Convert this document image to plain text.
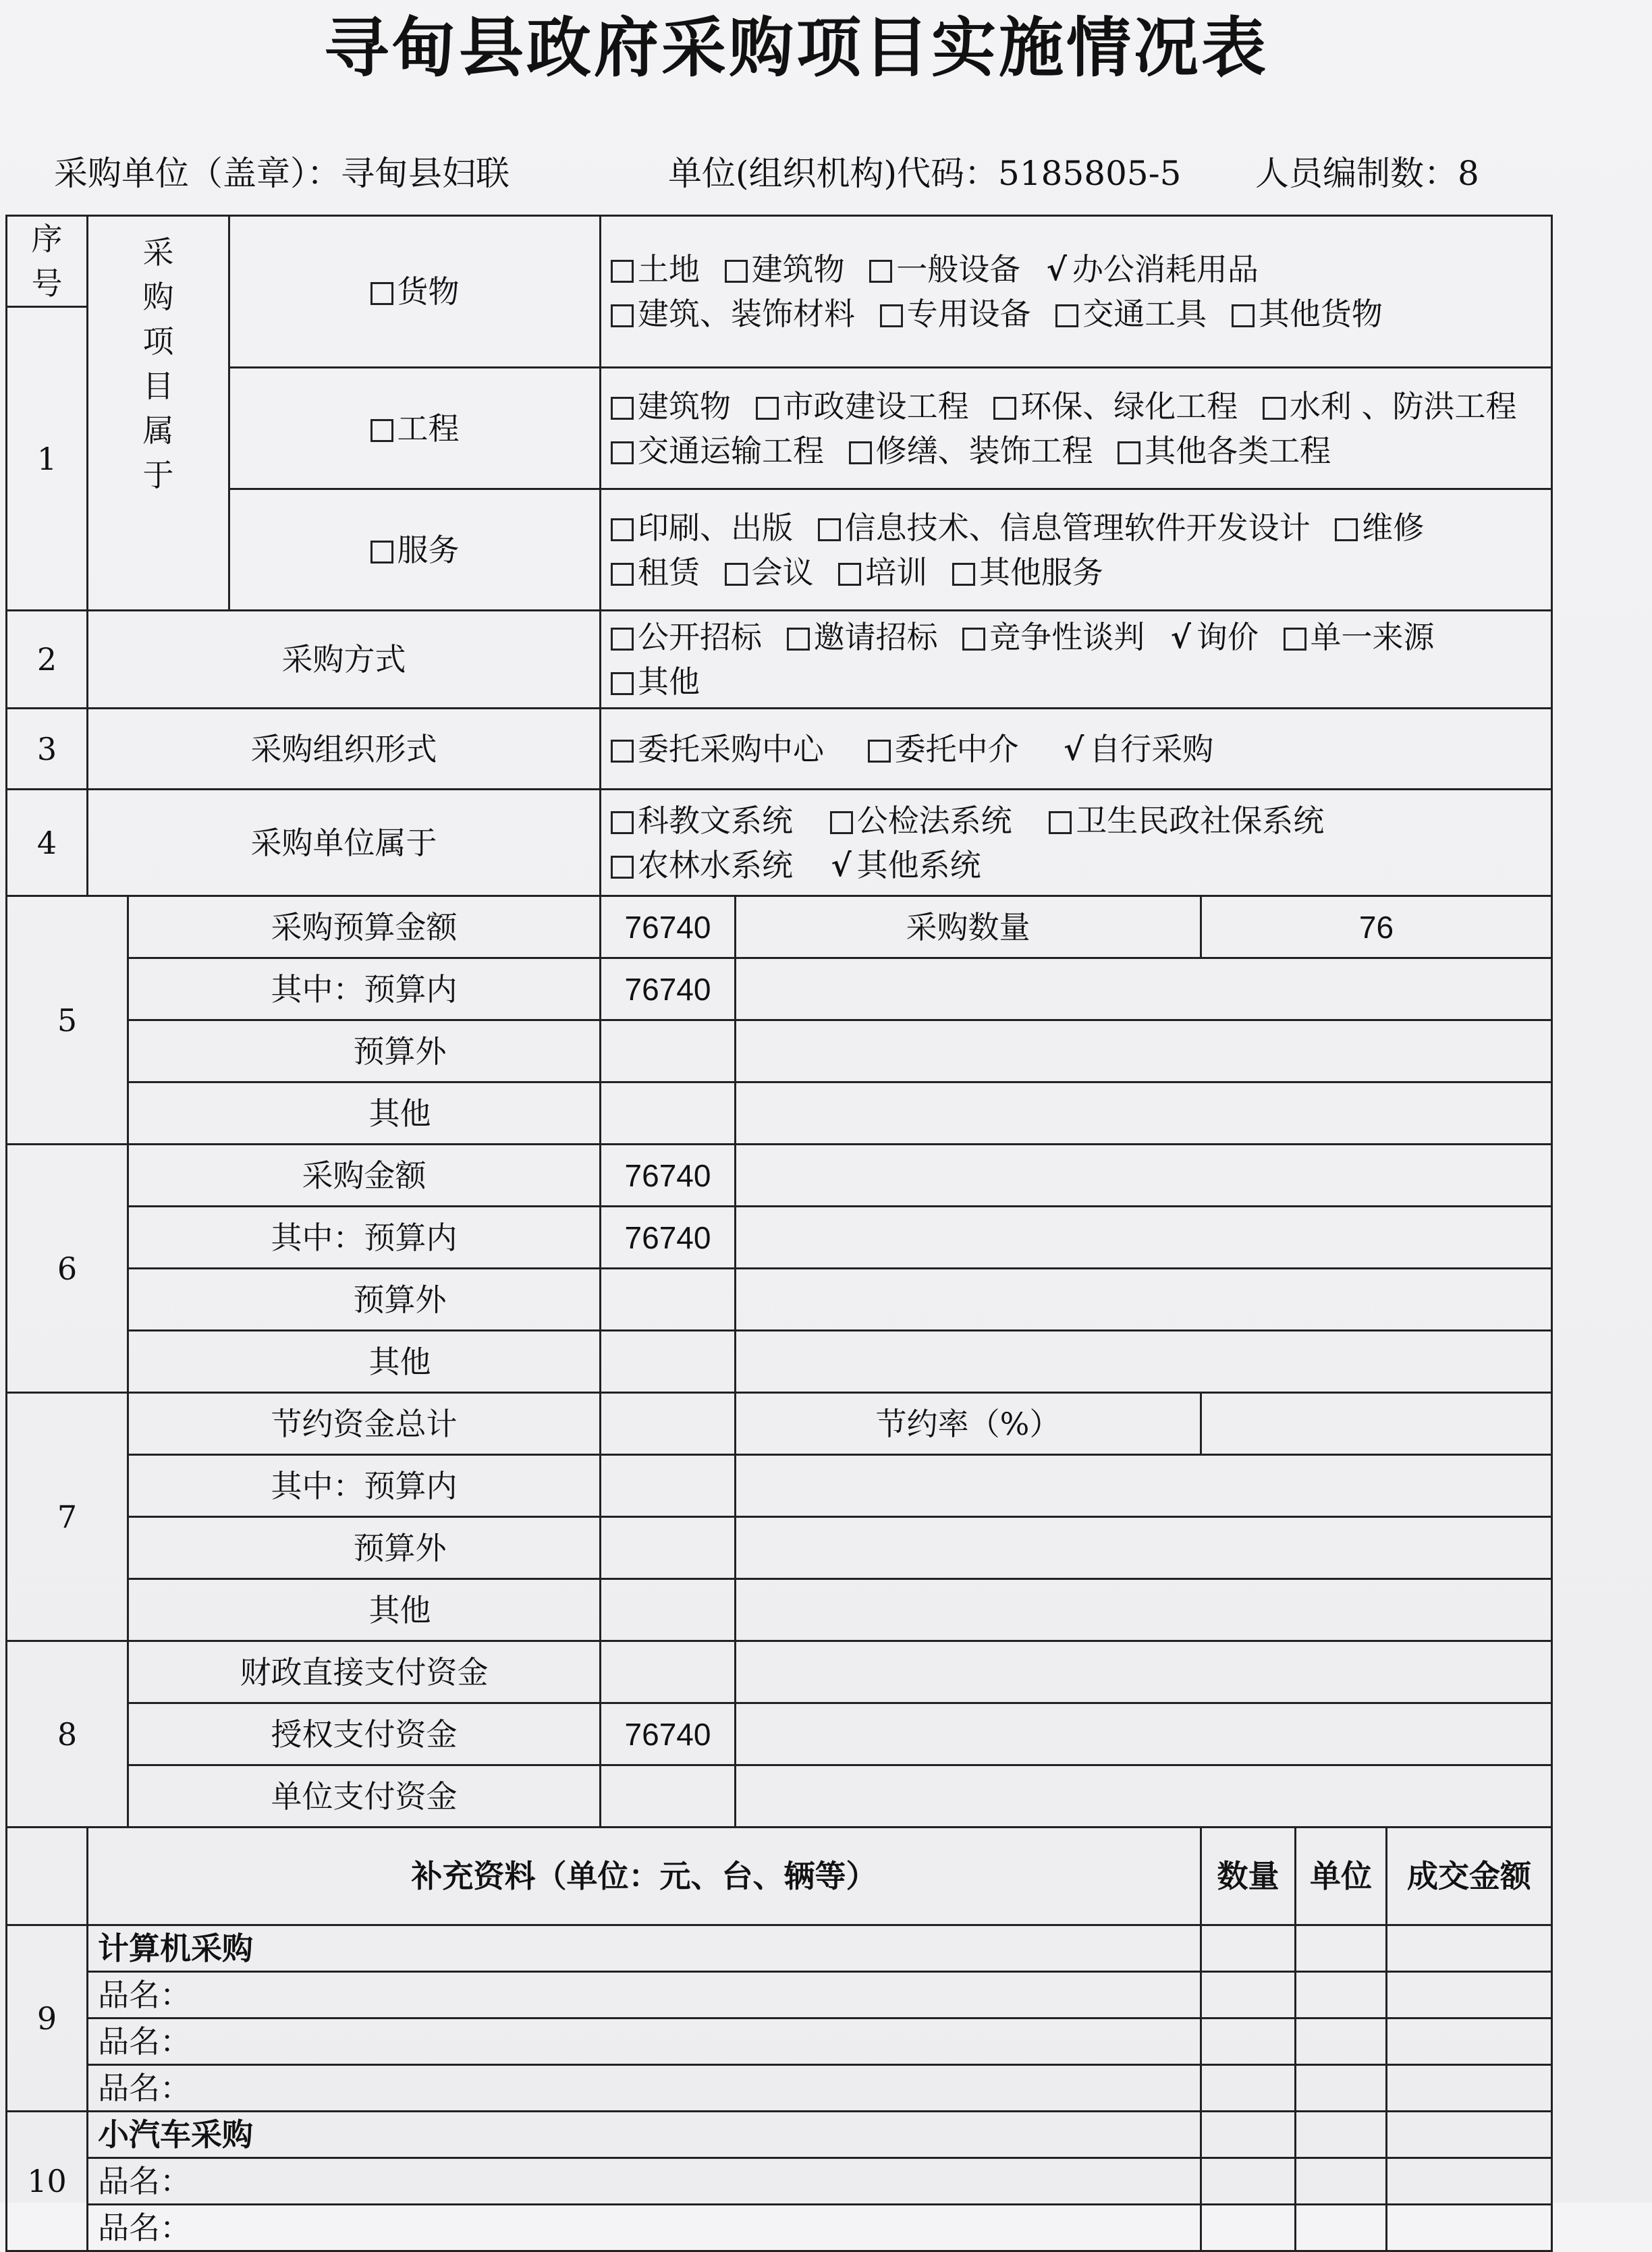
寻甸县政府采购项目实施情况表
采购单位（盖章）：寻甸县妇联	单位(组织机构)代码：5185805-5 人员编制数：8
序号	采购项目属于		货物	土地 建筑物 一般设备 √ 办公消耗用品 建筑、装饰材料 专用设备 交通工具 其他货物				
1								
			工程	建筑物 市政建设工程 环保、绿化工程 水利 、防洪工程 交通运输工程 修缮、装饰工程 其他各类工程				
			服务	印刷、出版 信息技术、信息管理软件开发设计 维修 租赁 会议 培训 其他服务				
2	采购方式			公开招标 邀请招标 竞争性谈判 √ 询价 单一来源 其他				
3	采购组织形式			委托采购中心 委托中介 √ 自行采购				
4	采购单位属于			科教文系统 公检法系统 卫生民政社保系统 农林水系统 √ 其他系统				
5		采购预算金额		76740	采购数量	76		
		其中：预算内		76740				
		预算外						
		其他						
6		采购金额		76740				
		其中：预算内		76740				
		预算外						
		其他						
7		节约资金总计			节约率（%）			
		其中：预算内						
		预算外						
		其他						
8		财政直接支付资金						
		授权支付资金		76740				
		单位支付资金						
	补充资料（单位：元、台、辆等）					数量	单位	成交金额
9	计算机采购							
	品名：							
	品名：							
	品名：							
10	小汽车采购							
	品名：							
	品名：							
